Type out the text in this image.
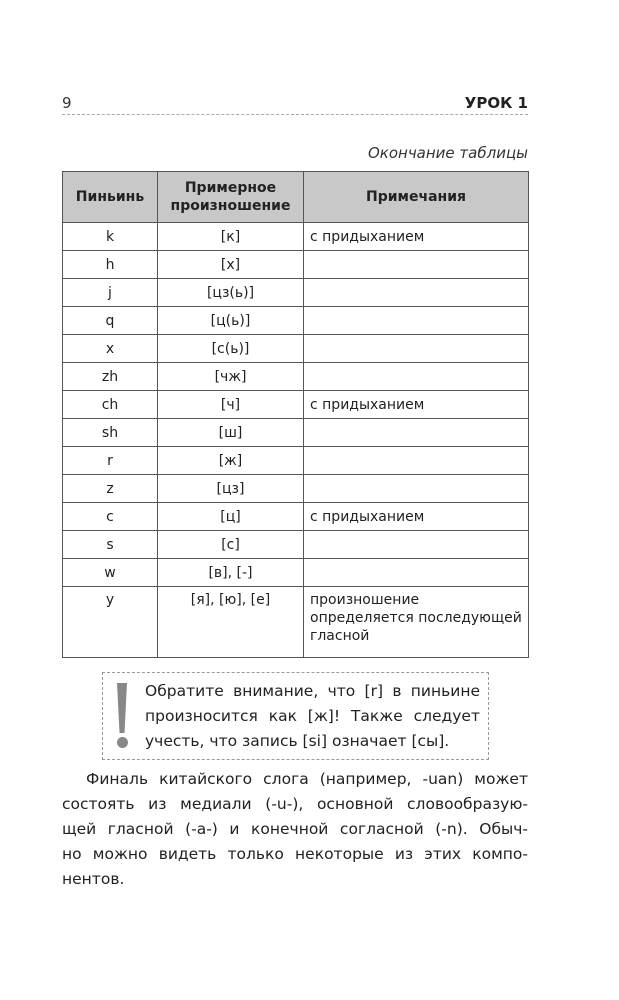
9	УРОК 1
Окончание таблицы
Пиньинь	Примерное произношение	Примечания
k	[к]	с придыханием
h	[х]	
j	[цз(ь)]	
q	[ц(ь)]	
x	[с(ь)]	
zh	[чж]	
ch	[ч]	с придыханием
sh	[ш]	
r	[ж]	
z	[цз]	
c	[ц]	с придыханием
s	[с]	
w	[в], [-]	
y	[я], [ю], [е]	произношение определяется последующей гласной
Обратите внимание, что [r] в пиньине
произносится как [ж]! Также следует
учесть, что запись [si] означает [сы].
Финаль китайского слога (например, -uan) может
состоять из медиали (-u-), основной словообразую-
щей гласной (-a-) и конечной согласной (-n). Обыч-
но можно видеть только некоторые из этих компо-
нентов.
